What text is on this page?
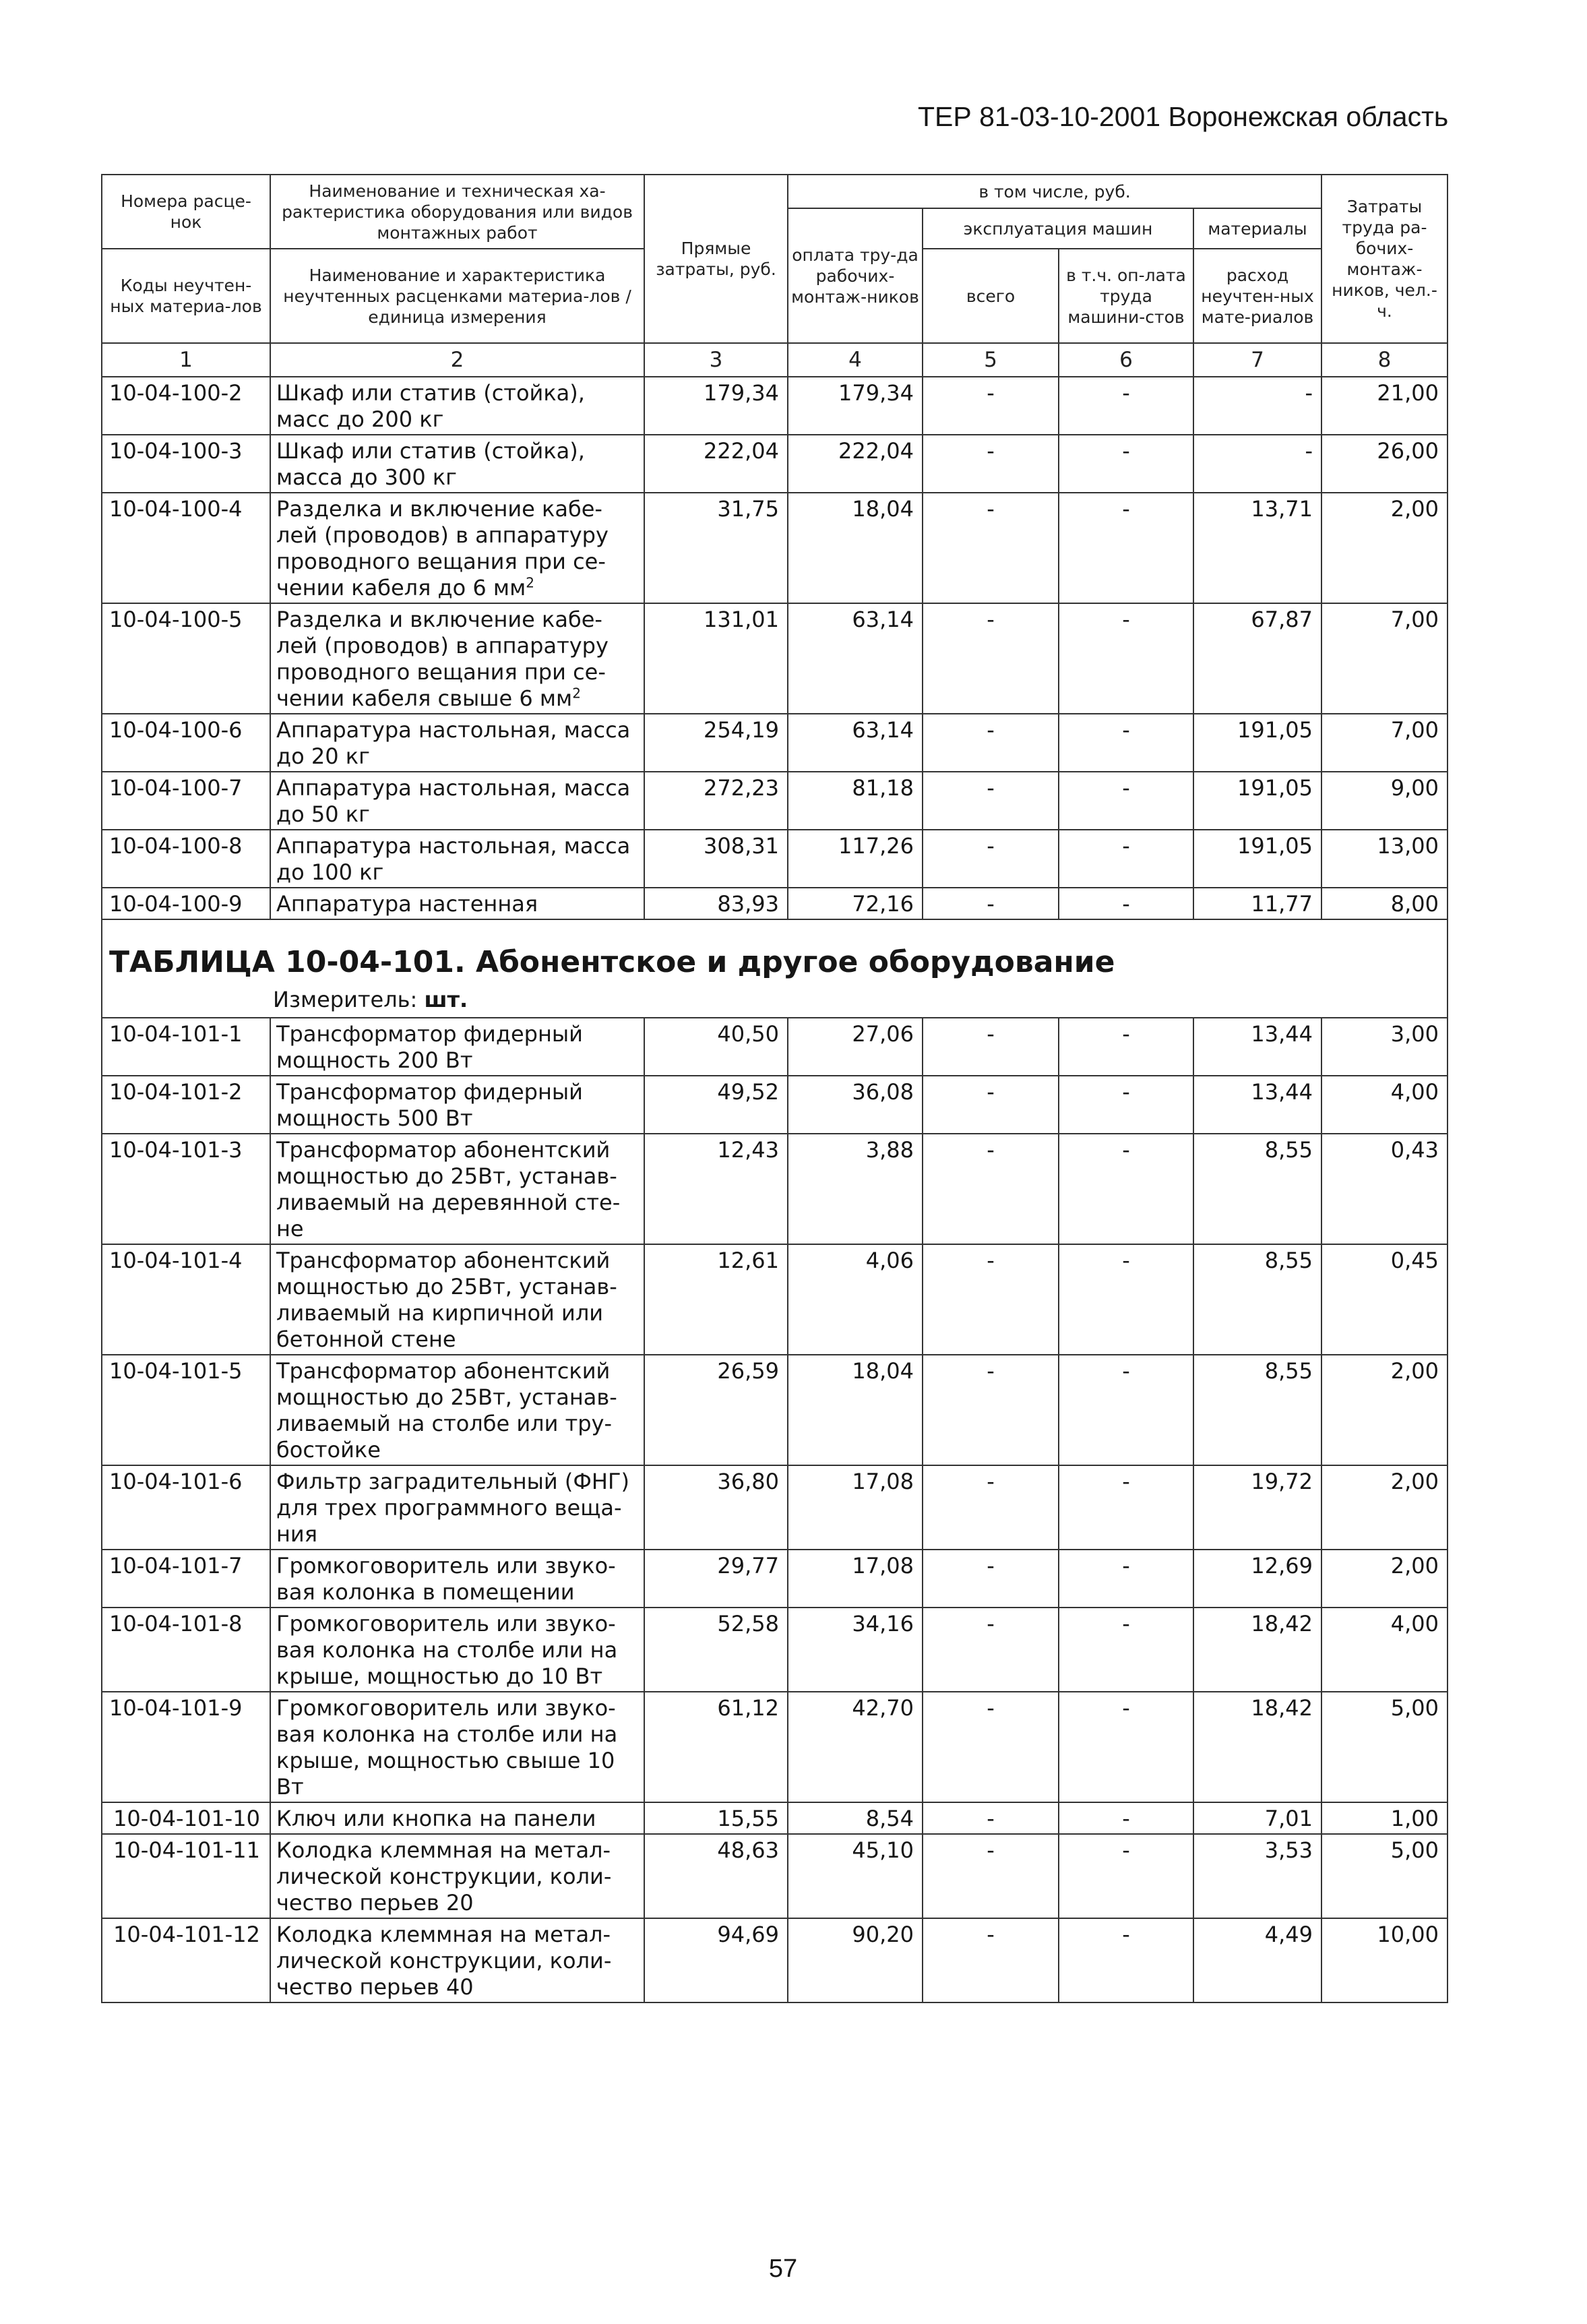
ТЕР 81-03-10-2001 Воронежская область
Номера расце-нок	Наименование и техническая ха-рактеристика оборудования или видов монтажных работ	Прямые затраты, руб.	в том числе, руб.				Затраты труда ра-бочих-монтаж-ников, чел.-ч.
			оплата тру-да рабочих-монтаж-ников	эксплуатация машин		материалы	
Коды неучтен-ных материа-лов	Наименование и характеристика неучтенных расценками материа-лов / единица измерения			всего	в т.ч. оп-лата труда машини-стов	расход неучтен-ных мате-риалов	
1	2	3	4	5	6	7	8
10-04-100-2	Шкаф или статив (стойка), масс до 200 кг	179,34	179,34	-	-	-	21,00
10-04-100-3	Шкаф или статив (стойка), масса до 300 кг	222,04	222,04	-	-	-	26,00
10-04-100-4	Разделка и включение кабе-лей (проводов) в аппаратуру проводного вещания при се-чении кабеля до 6 $мм^2$	31,75	18,04	-	-	13,71	2,00
10-04-100-5	Разделка и включение кабе-лей (проводов) в аппаратуру проводного вещания при се-чении кабеля свыше 6 $мм^2$	131,01	63,14	-	-	67,87	7,00
10-04-100-6	Аппаратура настольная, масса до 20 кг	254,19	63,14	-	-	191,05	7,00
10-04-100-7	Аппаратура настольная, масса до 50 кг	272,23	81,18	-	-	191,05	9,00
10-04-100-8	Аппаратура настольная, масса до 100 кг	308,31	117,26	-	-	191,05	13,00
10-04-100-9	Аппаратура настенная	83,93	72,16	-	-	11,77	8,00

ТАБЛИЦА 10-04-101. Абонентское и другое оборудование
Измеритель: шт.							

10-04-101-1	Трансформатор фидерный мощность 200 Вт	40,50	27,06	-	-	13,44	3,00
10-04-101-2	Трансформатор фидерный мощность 500 Вт	49,52	36,08	-	-	13,44	4,00
10-04-101-3	Трансформатор абонентский мощностью до 25Вт, устанав-ливаемый на деревянной сте-не	12,43	3,88	-	-	8,55	0,43
10-04-101-4	Трансформатор абонентский мощностью до 25Вт, устанав-ливаемый на кирпичной или бетонной стене	12,61	4,06	-	-	8,55	0,45
10-04-101-5	Трансформатор абонентский мощностью до 25Вт, устанав-ливаемый на столбе или тру-бостойке	26,59	18,04	-	-	8,55	2,00
10-04-101-6	Фильтр заградительный (ФНГ) для трех программного веща-ния	36,80	17,08	-	-	19,72	2,00
10-04-101-7	Громкоговоритель или звуко-вая колонка в помещении	29,77	17,08	-	-	12,69	2,00
10-04-101-8	Громкоговоритель или звуко-вая колонка на столбе или на крыше, мощностью до 10 Вт	52,58	34,16	-	-	18,42	4,00
10-04-101-9	Громкоговоритель или звуко-вая колонка на столбе или на крыше, мощностью свыше 10 Вт	61,12	42,70	-	-	18,42	5,00
10-04-101-10	Ключ или кнопка на панели	15,55	8,54	-	-	7,01	1,00
10-04-101-11	Колодка клеммная на метал-лической конструкции, коли-чество перьев 20	48,63	45,10	-	-	3,53	5,00
10-04-101-12	Колодка клеммная на метал-лической конструкции, коли-чество перьев 40	94,69	90,20	-	-	4,49	10,00
57
